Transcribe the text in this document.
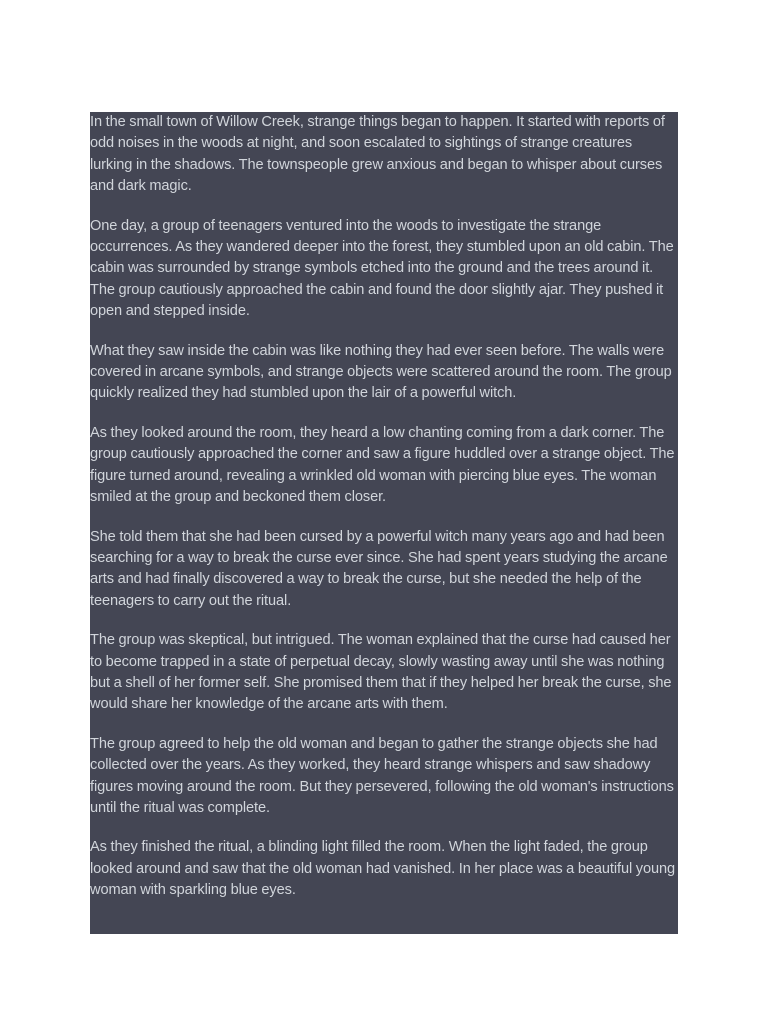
In the small town of Willow Creek, strange things began to happen. It started with reports of odd noises in the woods at night, and soon escalated to sightings of strange creatures lurking in the shadows. The townspeople grew anxious and began to whisper about curses and dark magic.

One day, a group of teenagers ventured into the woods to investigate the strange occurrences. As they wandered deeper into the forest, they stumbled upon an old cabin. The cabin was surrounded by strange symbols etched into the ground and the trees around it. The group cautiously approached the cabin and found the door slightly ajar. They pushed it open and stepped inside.

What they saw inside the cabin was like nothing they had ever seen before. The walls were covered in arcane symbols, and strange objects were scattered around the room. The group quickly realized they had stumbled upon the lair of a powerful witch.

As they looked around the room, they heard a low chanting coming from a dark corner. The group cautiously approached the corner and saw a figure huddled over a strange object. The figure turned around, revealing a wrinkled old woman with piercing blue eyes. The woman smiled at the group and beckoned them closer.

She told them that she had been cursed by a powerful witch many years ago and had been searching for a way to break the curse ever since. She had spent years studying the arcane arts and had finally discovered a way to break the curse, but she needed the help of the teenagers to carry out the ritual.

The group was skeptical, but intrigued. The woman explained that the curse had caused her to become trapped in a state of perpetual decay, slowly wasting away until she was nothing but a shell of her former self. She promised them that if they helped her break the curse, she would share her knowledge of the arcane arts with them.

The group agreed to help the old woman and began to gather the strange objects she had collected over the years. As they worked, they heard strange whispers and saw shadowy figures moving around the room. But they persevered, following the old woman's instructions until the ritual was complete.

As they finished the ritual, a blinding light filled the room. When the light faded, the group looked around and saw that the old woman had vanished. In her place was a beautiful young woman with sparkling blue eyes.
